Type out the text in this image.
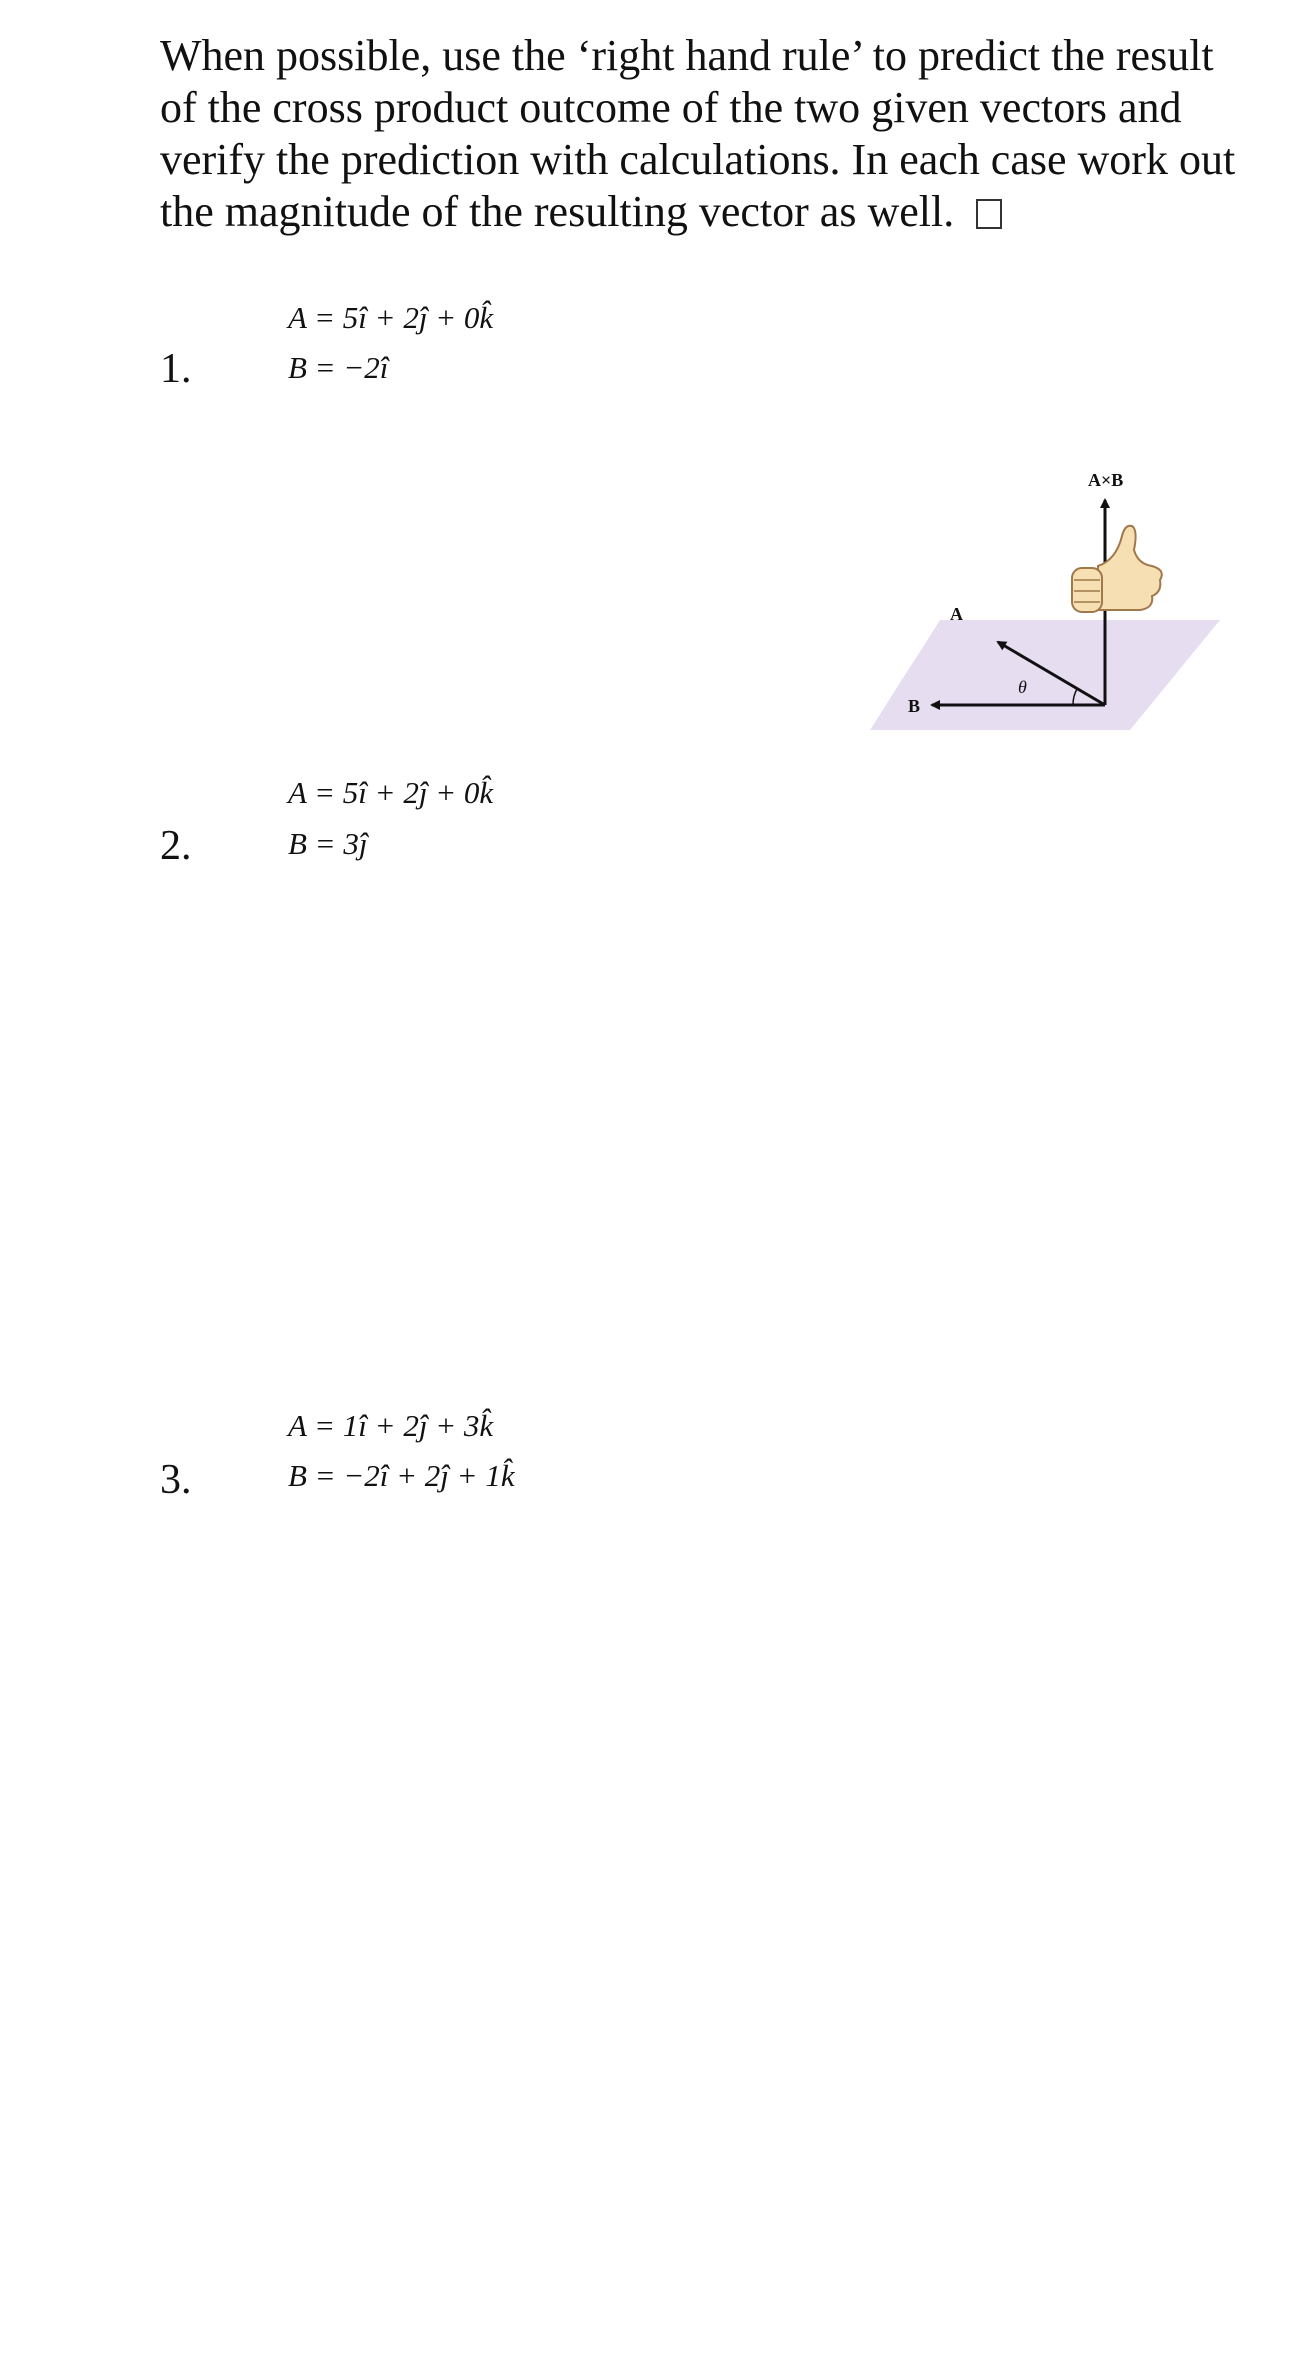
When possible, use the ‘right hand rule’ to predict the result of the cross product outcome of the two given vectors and verify the prediction with calculations. In each case work out the magnitude of the resulting vector as well.

1.
A = 5î + 2ĵ + 0k̂
B = −2î
A×B
A
B
θ
2.
A = 5î + 2ĵ + 0k̂
B = 3ĵ
3.
A = 1î + 2ĵ + 3k̂
B = −2î + 2ĵ + 1k̂
